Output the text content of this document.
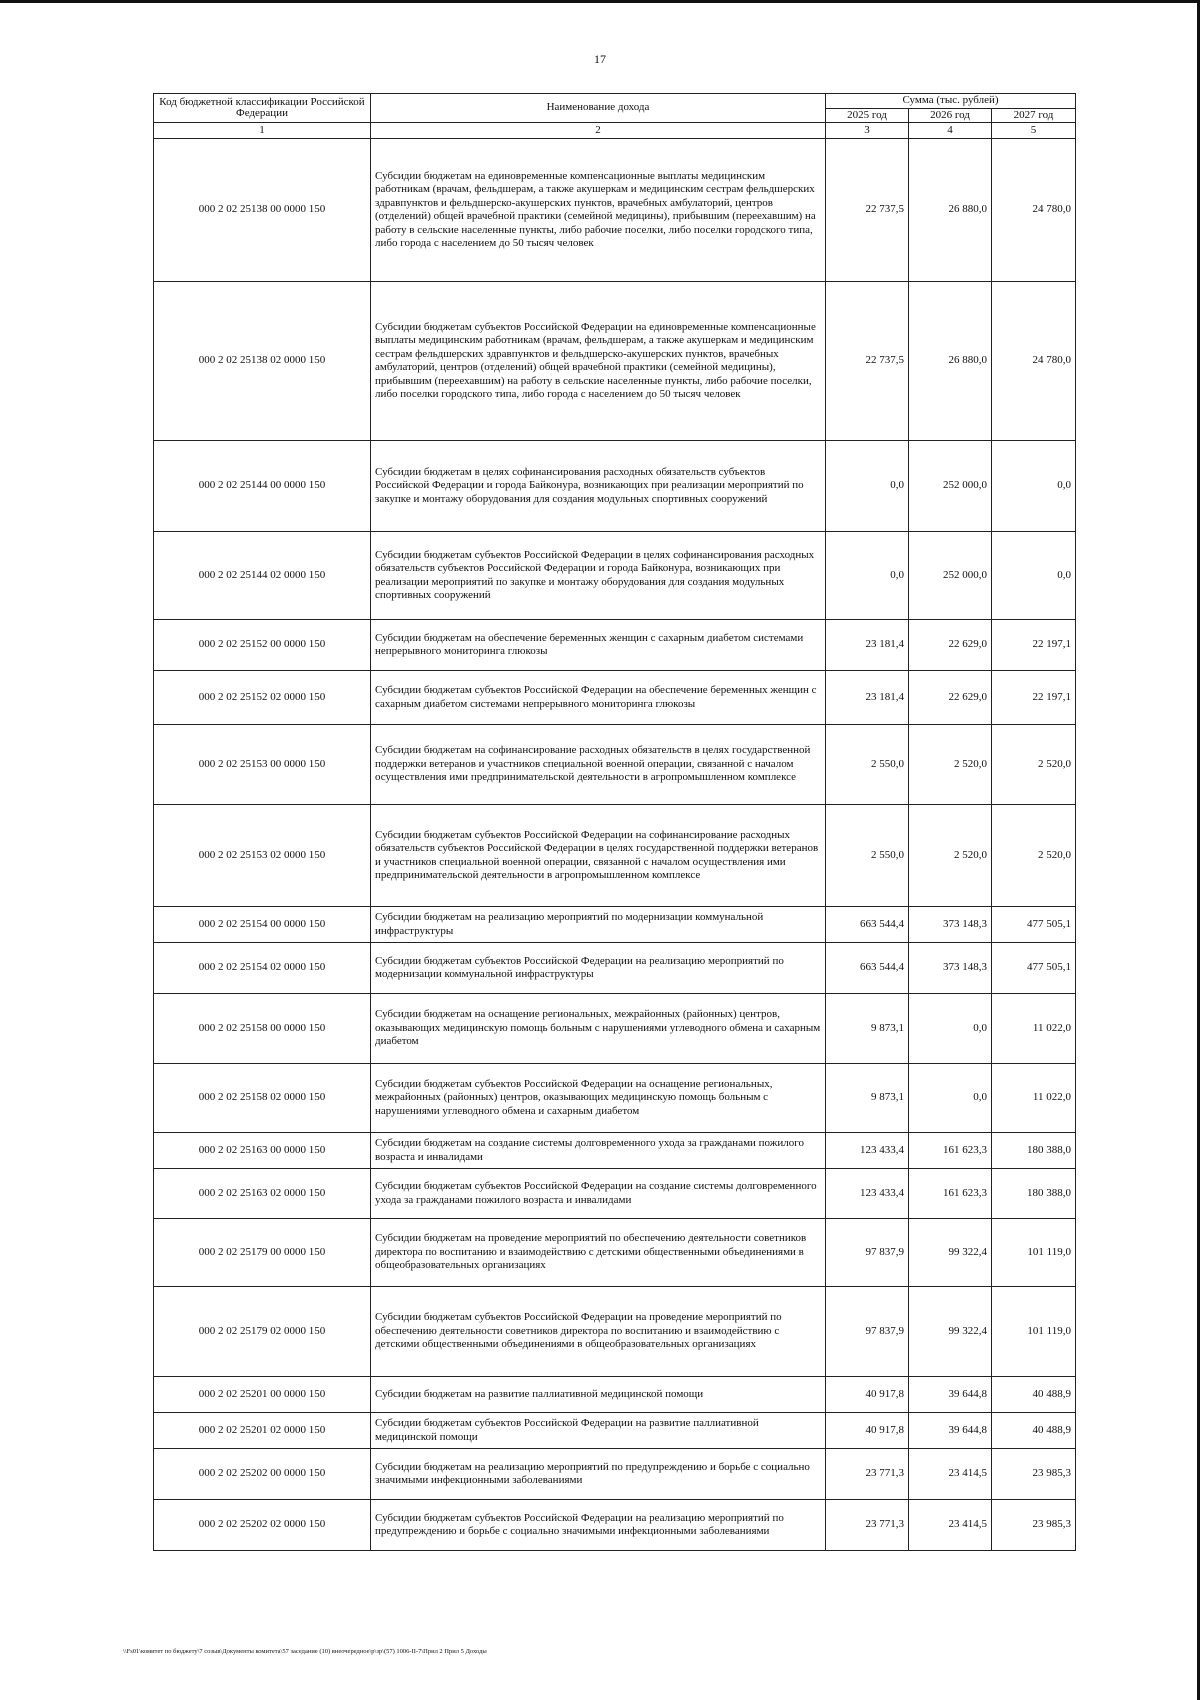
17
Код бюджетной классификации Российской Федерации	Наименование дохода	Сумма (тыс. рублей)		
		2025 год	2026 год	2027 год
1	2	3	4	5
000 2 02 25138 00 0000 150	Субсидии бюджетам на единовременные компенсационные выплаты медицинским работникам (врачам, фельдшерам, а также акушеркам и медицинским сестрам фельдшерских здравпунктов и фельдшерско-акушерских пунктов, врачебных амбулаторий, центров (отделений) общей врачебной практики (семейной медицины), прибывшим (переехавшим) на работу в сельские населенные пункты, либо рабочие поселки, либо поселки городского типа, либо города с населением до 50 тысяч человек	22 737,5	26 880,0	24 780,0
000 2 02 25138 02 0000 150	Субсидии бюджетам субъектов Российской Федерации на единовременные компенсационные выплаты медицинским работникам (врачам, фельдшерам, а также акушеркам и медицинским сестрам фельдшерских здравпунктов и фельдшерско-акушерских пунктов, врачебных амбулаторий, центров (отделений) общей врачебной практики (семейной медицины), прибывшим (переехавшим) на работу в сельские населенные пункты, либо рабочие поселки, либо поселки городского типа, либо города с населением до 50 тысяч человек	22 737,5	26 880,0	24 780,0
000 2 02 25144 00 0000 150	Субсидии бюджетам в целях софинансирования расходных обязательств субъектов Российской Федерации и города Байконура, возникающих при реализации мероприятий по закупке и монтажу оборудования для создания модульных спортивных сооружений	0,0	252 000,0	0,0
000 2 02 25144 02 0000 150	Субсидии бюджетам субъектов Российской Федерации в целях софинансирования расходных обязательств субъектов Российской Федерации и города Байконура, возникающих при реализации мероприятий по закупке и монтажу оборудования для создания модульных спортивных сооружений	0,0	252 000,0	0,0
000 2 02 25152 00 0000 150	Субсидии бюджетам на обеспечение беременных женщин с сахарным диабетом системами непрерывного мониторинга глюкозы	23 181,4	22 629,0	22 197,1
000 2 02 25152 02 0000 150	Субсидии бюджетам субъектов Российской Федерации на обеспечение беременных женщин с сахарным диабетом системами непрерывного мониторинга глюкозы	23 181,4	22 629,0	22 197,1
000 2 02 25153 00 0000 150	Субсидии бюджетам на софинансирование расходных обязательств в целях государственной поддержки ветеранов и участников специальной военной операции, связанной с началом осуществления ими предпринимательской деятельности в агропромышленном комплексе	2 550,0	2 520,0	2 520,0
000 2 02 25153 02 0000 150	Субсидии бюджетам субъектов Российской Федерации на софинансирование расходных обязательств субъектов Российской Федерации в целях государственной поддержки ветеранов и участников специальной военной операции, связанной с началом осуществления ими предпринимательской деятельности в агропромышленном комплексе	2 550,0	2 520,0	2 520,0
000 2 02 25154 00 0000 150	Субсидии бюджетам на реализацию мероприятий по модернизации коммунальной инфраструктуры	663 544,4	373 148,3	477 505,1
000 2 02 25154 02 0000 150	Субсидии бюджетам субъектов Российской Федерации на реализацию мероприятий по модернизации коммунальной инфраструктуры	663 544,4	373 148,3	477 505,1
000 2 02 25158 00 0000 150	Субсидии бюджетам на оснащение региональных, межрайонных (районных) центров, оказывающих медицинскую помощь больным с нарушениями углеводного обмена и сахарным диабетом	9 873,1	0,0	11 022,0
000 2 02 25158 02 0000 150	Субсидии бюджетам субъектов Российской Федерации на оснащение региональных, межрайонных (районных) центров, оказывающих медицинскую помощь больным с нарушениями углеводного обмена и сахарным диабетом	9 873,1	0,0	11 022,0
000 2 02 25163 00 0000 150	Субсидии бюджетам на создание системы долговременного ухода за гражданами пожилого возраста и инвалидами	123 433,4	161 623,3	180 388,0
000 2 02 25163 02 0000 150	Субсидии бюджетам субъектов Российской Федерации на создание системы долговременного ухода за гражданами пожилого возраста и инвалидами	123 433,4	161 623,3	180 388,0
000 2 02 25179 00 0000 150	Субсидии бюджетам на проведение мероприятий по обеспечению деятельности советников директора по воспитанию и взаимодействию с детскими общественными объединениями в общеобразовательных организациях	97 837,9	99 322,4	101 119,0
000 2 02 25179 02 0000 150	Субсидии бюджетам субъектов Российской Федерации на проведение мероприятий по обеспечению деятельности советников директора по воспитанию и взаимодействию с детскими общественными объединениями в общеобразовательных организациях	97 837,9	99 322,4	101 119,0
000 2 02 25201 00 0000 150	Субсидии бюджетам на развитие паллиативной медицинской помощи	40 917,8	39 644,8	40 488,9
000 2 02 25201 02 0000 150	Субсидии бюджетам субъектов Российской Федерации на развитие паллиативной медицинской помощи	40 917,8	39 644,8	40 488,9
000 2 02 25202 00 0000 150	Субсидии бюджетам на реализацию мероприятий по предупреждению и борьбе с социально значимыми инфекционными заболеваниями	23 771,3	23 414,5	23 985,3
000 2 02 25202 02 0000 150	Субсидии бюджетам субъектов Российской Федерации на реализацию мероприятий по предупреждению и борьбе с социально значимыми инфекционными заболеваниями	23 771,3	23 414,5	23 985,3
\\Fs01\комитет по бюджету\7 созыв\Документы комитета\57 заседание (10) внеочередное\р\зр\(57) 1006-II-7\Прил 2 Прил 5 Доходы
